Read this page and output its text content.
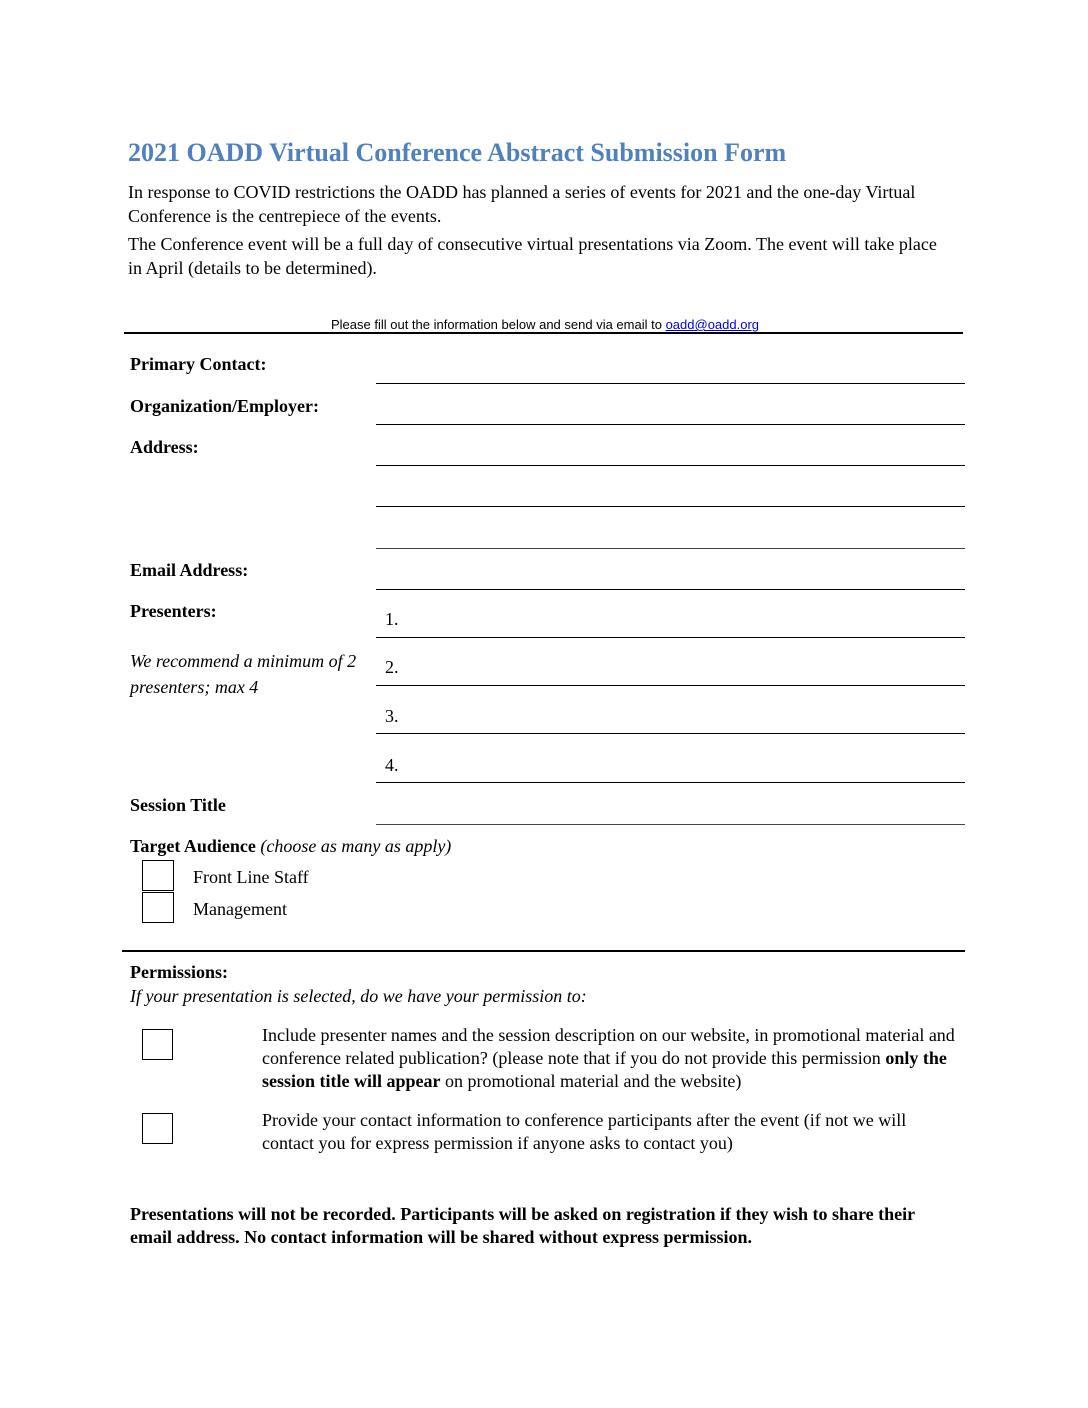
2021 OADD Virtual Conference Abstract Submission Form

In response to COVID restrictions the OADD has planned a series of events for 2021 and the one-day Virtual Conference is the centrepiece of the events.

The Conference event will be a full day of consecutive virtual presentations via Zoom. The event will take place in April (details to be determined).

Please fill out the information below and send via email to oadd@oadd.org
Primary Contact:
Organization/Employer:
Address:
Email Address:
Presenters:
We recommend a minimum of 2 presenters; max 4
Session Title
1.
2.
3.
4.
Target Audience (choose as many as apply)
Front Line Staff
Management
Permissions:
If your presentation is selected, do we have your permission to:
Include presenter names and the session description on our website, in promotional material and conference related publication? (please note that if you do not provide this permission only the session title will appear on promotional material and the website)
Provide your contact information to conference participants after the event (if not we will contact you for express permission if anyone asks to contact you)
Presentations will not be recorded. Participants will be asked on registration if they wish to share their email address. No contact information will be shared without express permission.
